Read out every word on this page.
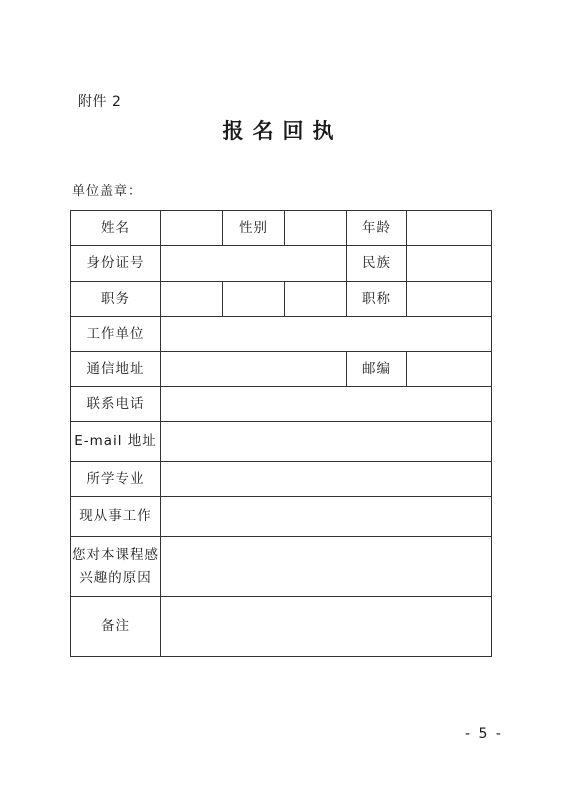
附件 2
报名回执
单位盖章：
姓名		性别		年龄	
身份证号				民族	
职务				职称	
工作单位					
通信地址				邮编	
联系电话					
E-mail 地址					
所学专业					
现从事工作					

您对本课程感
兴趣的原因					

备注					
- 5 -
